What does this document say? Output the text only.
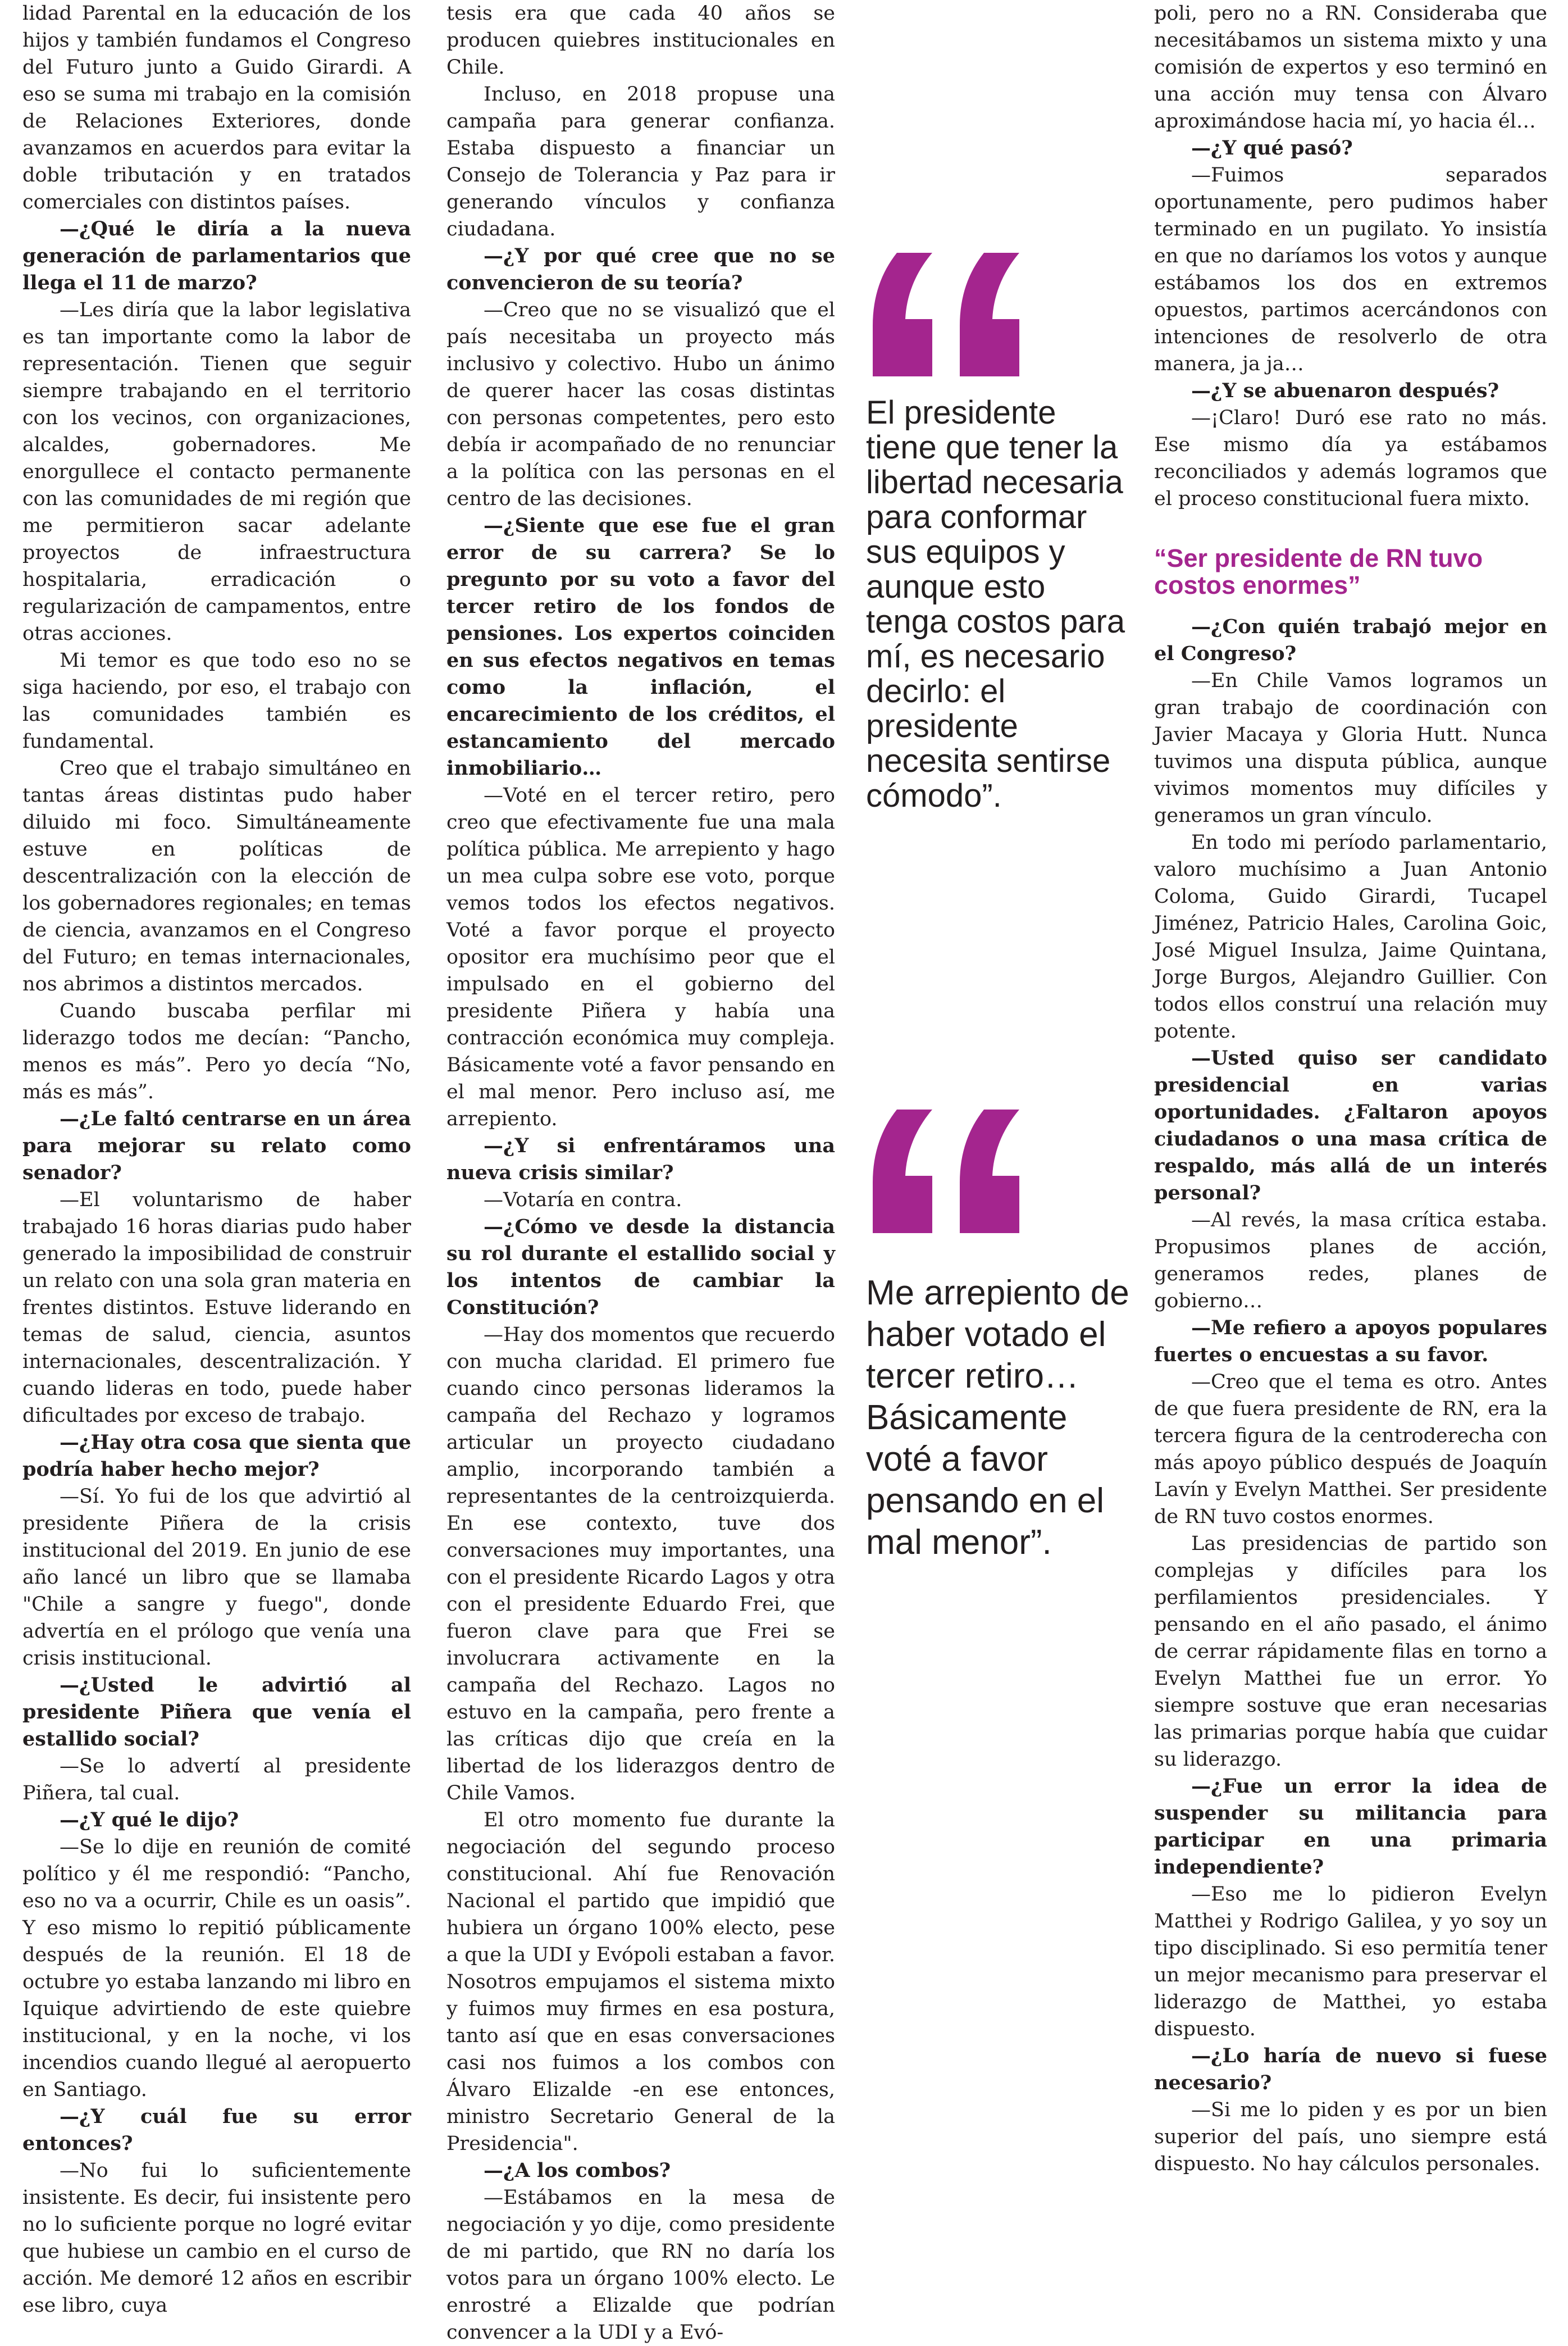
lidad Parental en la educación de los hijos y también fundamos el Congreso del Futuro junto a Guido Girardi. A eso se suma mi trabajo en la comisión de Relaciones Exteriores, donde avanzamos en acuerdos para evitar la doble tributación y en tratados comerciales con distintos países.

—¿Qué le diría a la nueva generación de parlamentarios que llega el 11 de marzo?

—Les diría que la labor legislativa es tan importante como la labor de representación. Tienen que seguir siempre trabajando en el territorio con los vecinos, con organizaciones, alcaldes, gobernadores. Me enorgullece el contacto permanente con las comunidades de mi región que me permitieron sacar adelante proyectos de infraestructura hospitalaria, erradicación o regularización de campamentos, entre otras acciones.

Mi temor es que todo eso no se siga haciendo, por eso, el trabajo con las comunidades también es fundamental.

Creo que el trabajo simultáneo en tantas áreas distintas pudo haber diluido mi foco. Simultáneamente estuve en políticas de descentralización con la elección de los gobernadores regionales; en temas de ciencia, avanzamos en el Congreso del Futuro; en temas internacionales, nos abrimos a distintos mercados.

Cuando buscaba perfilar mi liderazgo todos me decían: “Pancho, menos es más”. Pero yo decía “No, más es más”.

—¿Le faltó centrarse en un área para mejorar su relato como senador?

—El voluntarismo de haber trabajado 16 horas diarias pudo haber generado la imposibilidad de construir un relato con una sola gran materia en frentes distintos. Estuve liderando en temas de salud, ciencia, asuntos internacionales, descentralización. Y cuando lideras en todo, puede haber dificultades por exceso de trabajo.

—¿Hay otra cosa que sienta que podría haber hecho mejor?

—Sí. Yo fui de los que advirtió al presidente Piñera de la crisis institucional del 2019. En junio de ese año lancé un libro que se llamaba "Chile a sangre y fuego", donde advertía en el prólogo que venía una crisis institucional.

—¿Usted le advirtió al presidente Piñera que venía el estallido social?

—Se lo advertí al presidente Piñera, tal cual.

—¿Y qué le dijo?

—Se lo dije en reunión de comité político y él me respondió: “Pancho, eso no va a ocurrir, Chile es un oasis”. Y eso mismo lo repitió públicamente después de la reunión. El 18 de octubre yo estaba lanzando mi libro en Iquique advirtiendo de este quiebre institucional, y en la noche, vi los incendios cuando llegué al aeropuerto en Santiago.

—¿Y cuál fue su error entonces?

—No fui lo suficientemente insistente. Es decir, fui insistente pero no lo suficiente porque no logré evitar que hubiese un cambio en el curso de acción. Me demoré 12 años en escribir ese libro, cuya

tesis era que cada 40 años se producen quiebres institucionales en Chile.

Incluso, en 2018 propuse una campaña para generar confianza. Estaba dispuesto a financiar un Consejo de Tolerancia y Paz para ir generando vínculos y confianza ciudadana.

—¿Y por qué cree que no se convencieron de su teoría?

—Creo que no se visualizó que el país necesitaba un proyecto más inclusivo y colectivo. Hubo un ánimo de querer hacer las cosas distintas con personas competentes, pero esto debía ir acompañado de no renunciar a la política con las personas en el centro de las decisiones.

—¿Siente que ese fue el gran error de su carrera? Se lo pregunto por su voto a favor del tercer retiro de los fondos de pensiones. Los expertos coinciden en sus efectos negativos en temas como la inflación, el encarecimiento de los créditos, el estancamiento del mercado inmobiliario…

—Voté en el tercer retiro, pero creo que efectivamente fue una mala política pública. Me arrepiento y hago un mea culpa sobre ese voto, porque vemos todos los efectos negativos. Voté a favor porque el proyecto opositor era muchísimo peor que el impulsado en el gobierno del presidente Piñera y había una contracción económica muy compleja. Básicamente voté a favor pensando en el mal menor. Pero incluso así, me arrepiento.

—¿Y si enfrentáramos una nueva crisis similar?

—Votaría en contra.

—¿Cómo ve desde la distancia su rol durante el estallido social y los intentos de cambiar la Constitución?

—Hay dos momentos que recuerdo con mucha claridad. El primero fue cuando cinco personas lideramos la campaña del Rechazo y logramos articular un proyecto ciudadano amplio, incorporando también a representantes de la centroizquierda. En ese contexto, tuve dos conversaciones muy importantes, una con el presidente Ricardo Lagos y otra con el presidente Eduardo Frei, que fueron clave para que Frei se involucrara activamente en la campaña del Rechazo. Lagos no estuvo en la campaña, pero frente a las críticas dijo que creía en la libertad de los liderazgos dentro de Chile Vamos.

El otro momento fue durante la negociación del segundo proceso constitucional. Ahí fue Renovación Nacional el partido que impidió que hubiera un órgano 100% electo, pese a que la UDI y Evópoli estaban a favor. Nosotros empujamos el sistema mixto y fuimos muy firmes en esa postura, tanto así que en esas conversaciones casi nos fuimos a los combos con Álvaro Elizalde -en ese entonces, ministro Secretario General de la Presidencia".

—¿A los combos?

—Estábamos en la mesa de negociación y yo dije, como presidente de mi partido, que RN no daría los votos para un órgano 100% electo. Le enrostré a Elizalde que podrían convencer a la UDI y a Evó-

El presidente tiene que tener la libertad necesaria para conformar sus equipos y aunque esto tenga costos para mí, es necesario decirlo: el presidente necesita sentirse cómodo”.
Me arrepiento de haber votado el tercer retiro… Básicamente voté a favor pensando en el mal menor”.

poli, pero no a RN. Consideraba que necesitábamos un sistema mixto y una comisión de expertos y eso terminó en una acción muy tensa con Álvaro aproximándose hacia mí, yo hacia él…

—¿Y qué pasó?

—Fuimos separados oportunamente, pero pudimos haber terminado en un pugilato. Yo insistía en que no daríamos los votos y aunque estábamos los dos en extremos opuestos, partimos acercándonos con intenciones de resolverlo de otra manera, ja ja…

—¿Y se abuenaron después?

—¡Claro! Duró ese rato no más. Ese mismo día ya estábamos reconciliados y además logramos que el proceso constitucional fuera mixto.

“Ser presidente de RN tuvo costos enormes”

—¿Con quién trabajó mejor en el Congreso?

—En Chile Vamos logramos un gran trabajo de coordinación con Javier Macaya y Gloria Hutt. Nunca tuvimos una disputa pública, aunque vivimos momentos muy difíciles y generamos un gran vínculo.

En todo mi período parlamentario, valoro muchísimo a Juan Antonio Coloma, Guido Girardi, Tucapel Jiménez, Patricio Hales, Carolina Goic, José Miguel Insulza, Jaime Quintana, Jorge Burgos, Alejandro Guillier. Con todos ellos construí una relación muy potente.

—Usted quiso ser candidato presidencial en varias oportunidades. ¿Faltaron apoyos ciudadanos o una masa crítica de respaldo, más allá de un interés personal?

—Al revés, la masa crítica estaba. Propusimos planes de acción, generamos redes, planes de gobierno…

—Me refiero a apoyos populares fuertes o encuestas a su favor.

—Creo que el tema es otro. Antes de que fuera presidente de RN, era la tercera figura de la centroderecha con más apoyo público después de Joaquín Lavín y Evelyn Matthei. Ser presidente de RN tuvo costos enormes.

Las presidencias de partido son complejas y difíciles para los perfilamientos presidenciales. Y pensando en el año pasado, el ánimo de cerrar rápidamente filas en torno a Evelyn Matthei fue un error. Yo siempre sostuve que eran necesarias las primarias porque había que cuidar su liderazgo.

—¿Fue un error la idea de suspender su militancia para participar en una primaria independiente?

—Eso me lo pidieron Evelyn Matthei y Rodrigo Galilea, y yo soy un tipo disciplinado. Si eso permitía tener un mejor mecanismo para preservar el liderazgo de Matthei, yo estaba dispuesto.

—¿Lo haría de nuevo si fuese necesario?

—Si me lo piden y es por un bien superior del país, uno siempre está dispuesto. No hay cálculos personales.
